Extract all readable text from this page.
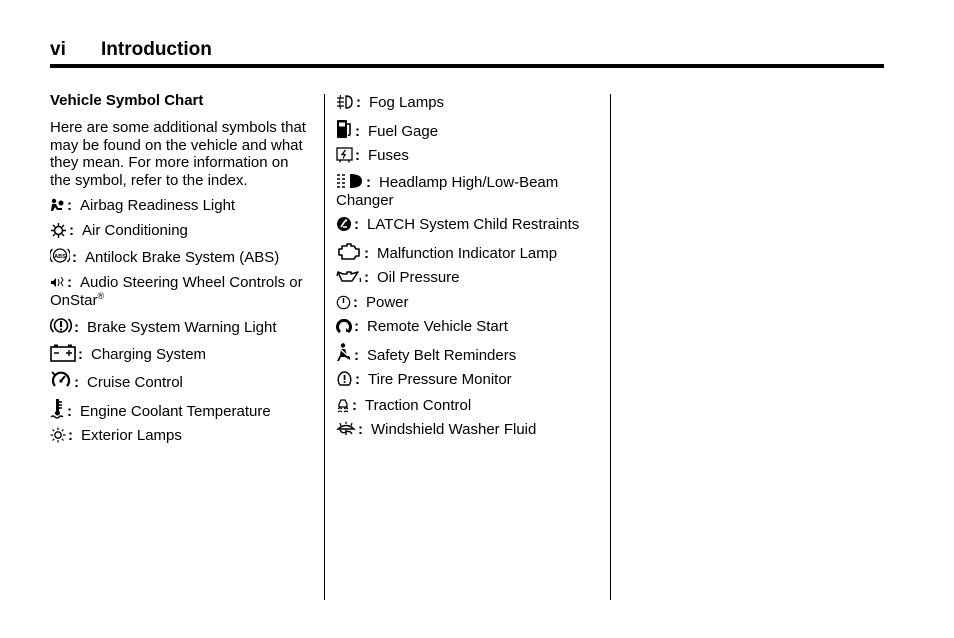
vi Introduction
Vehicle Symbol Chart
Here are some additional symbols that may be found on the vehicle and what they mean. For more information on the symbol, refer to the index.
: Airbag Readiness Light
: Air Conditioning
ABS : Antilock Brake System (ABS)
: Audio Steering Wheel Controls or OnStar®
: Brake System Warning Light
: Charging System
: Cruise Control
: Engine Coolant Temperature
: Exterior Lamps
: Fog Lamps
: Fuel Gage
: Fuses
: Headlamp High/Low-Beam Changer
: LATCH System Child Restraints
: Malfunction Indicator Lamp
: Oil Pressure
: Power
: Remote Vehicle Start
: Safety Belt Reminders
: Tire Pressure Monitor
: Traction Control
: Windshield Washer Fluid
